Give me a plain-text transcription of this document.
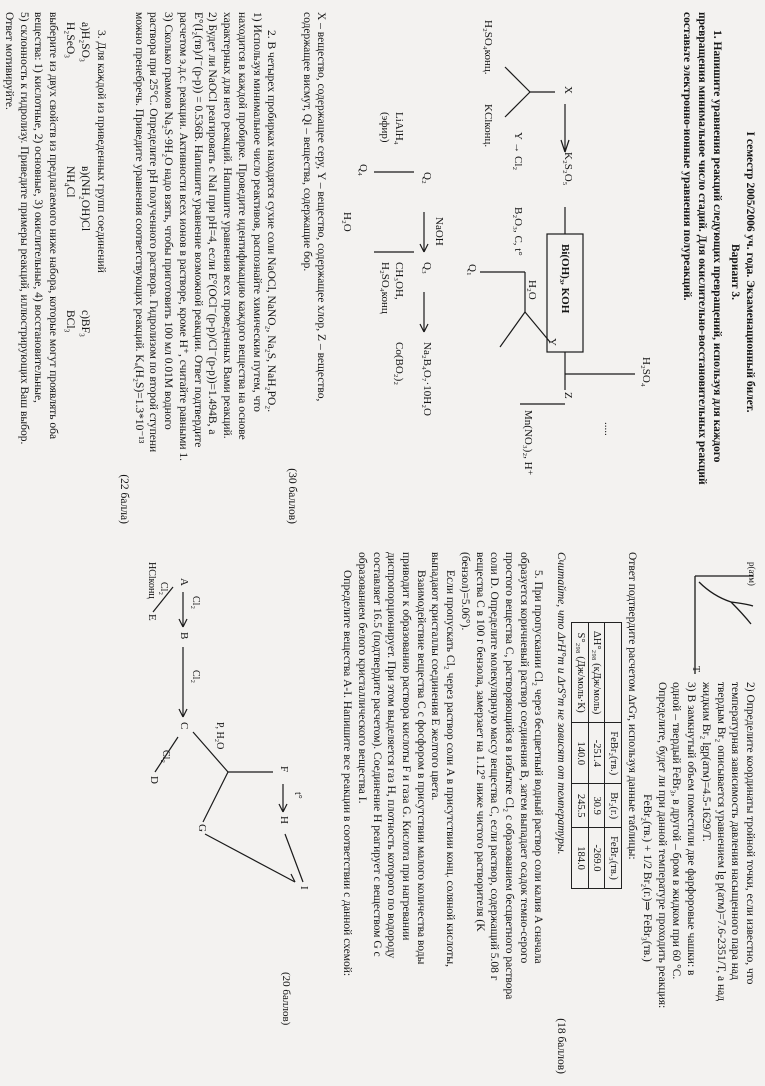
I семестр 2005/2006 уч. года. Экзаменационный билет.
Вариант 3.
1. Напишите уравнения реакций следующих превращений, используя для каждого
превращения минимальное число стадий. Для окислительно-восстановительных реакций
составьте электронно-ионные уравнения полуреакций.
H₂SO₄конц.
KClконц.
X
K₂S₂O₅
Bi(OH)₃, KOH
Z
H₂SO₄
Mn(NO₃)₂, H⁺
Y → Cl₂
B₂O₃, C, t°
Q₁
H₂O
Y
.....
Q₂
NaOH
Q₃
Na₂B₄O₇·10H₂O
LiAlH₄
(эфир)
Q₄
CH₃OH,
H₂SO₄конц
Co(BO₂)₂
H₂O
X – вещество, содержащее серу, Y – вещество, содержащее хлор, Z – вещество,
содержащее висмут, Qi – вещества, содержащие бор.
(30 баллов)
2. В четырех пробирках находятся сухие соли NaOCl, NaNO₂, Na₂S, NaH₂PO₂.
1) Используя минимальное число реактивов, распознайте химическим путем, что
находится в каждой пробирке. Проведите идентификацию каждого вещества на основе
характерных для него реакций. Напишите уравнения всех проведенных Вами реакций.
2) Будет ли NaOCl реагировать с NaI при pH=4, если E°(OCl⁻(р-р)/Cl⁻(р-р))=1.494В, а
E°(I₂(тв)/I⁻(р-р)) = 0.536В. Напишите уравнение возможной реакции. Ответ подтвердите
расчетом э.д.с. реакции. Активности всех ионов в растворе, кроме H⁺, считайте равными 1.
3) Сколько граммов Na₂S·9H₂O надо взять, чтобы приготовить 100 мл 0.01М водного
раствора при 25°С. Определите pH полученного раствора. Гидролизом по второй ступени
можно пренебречь. Приведите уравнения соответствующих реакций. Kₐ(H₂S)=1.3*10⁻¹³
(22 балла)
3. Для каждой из приведенных групп соединений
а)H₂SO₃
H₂SeO₃
в)(NH₂OH)Cl
NH₄Cl
с)BF₃
BCl₃
выберите из двух свойств из предлагаемого ниже набора, которые могут проявлять оба
вещества: 1) кислотные, 2) основные, 3) окислительные, 4) восстановительные,
5) склонность к гидролизу. Приведите примеры реакций, иллюстрирующих Ваш выбор.
Ответ мотивируйте.
p(атм)
T
2) Определите координаты тройной точки, если известно, что
температурная зависимость давления насыщенного пара над
твердым Br₂ описывается уравнением lg p(атм)=7.6-2351/T, а над
жидким Br₂ lgp(атм)=4.5-1629/T.
3) В замкнутый объем поместили две фарфоровые чашки: в
одной – твердый FeBr₃, в другой – бром в жидком при 60 °С.
Определите, будет ли при данной температуре проходить реакция:
FeBr₂(тв.) + 1/2 Br₂(г.)⇒ FeBr₃(тв.)
Ответ подтвердите расчетом ΔrGт, используя данные таблицы:
	FeBr₂(тв.)	Br₂(г.)	FeBr₃(тв.)
ΔH°₂₉₈ (кДж/моль)	-251.4	30.9	-269.0
S°₂₉₈ (Дж/моль·К)	140.0	245.5	184.0
Считайте, что ΔrH°т и ΔrS°т не зависят от температуры.
(18 баллов)
5. При пропускании Cl₂ через бесцветный водный раствор соли калия A сначала
образуется коричневый раствор соединения B, затем выпадает осадок темно-серого
простого вещества C, растворяющийся в избытке Cl₂ с образованием бесцветного раствора
соли D. Определите молекулярную массу вещества C, если раствор, содержащий 5.08 г
вещества C в 100 г бензола, замерзает на 1.12° ниже чистого растворителя (K
(бензол)=5.06°).
Если пропускать Cl₂ через раствор соли A в присутствии конц. соляной кислоты,
выпадают кристаллы соединения E желтого цвета.
Взаимодействие вещества C с фосфором в присутствии малого количества воды
приводит к образованию раствора кислоты F и газа G. Кислота при нагревании
диспропорционирует. При этом выделяется газ H, плотность которого по водороду
составляет 16.5 (подтвердите расчетом). Соединение H реагирует с веществом G с
образованием белого кристаллического вещества I.
Определите вещества A-I. Напишите все реакции в соответствии с данной схемой:
A
B
C
D
E
F
G
H
I
Cl₂
Cl₂
Cl₂
Cl₂
HClконц
P, H₂O
t°
(20 баллов)
